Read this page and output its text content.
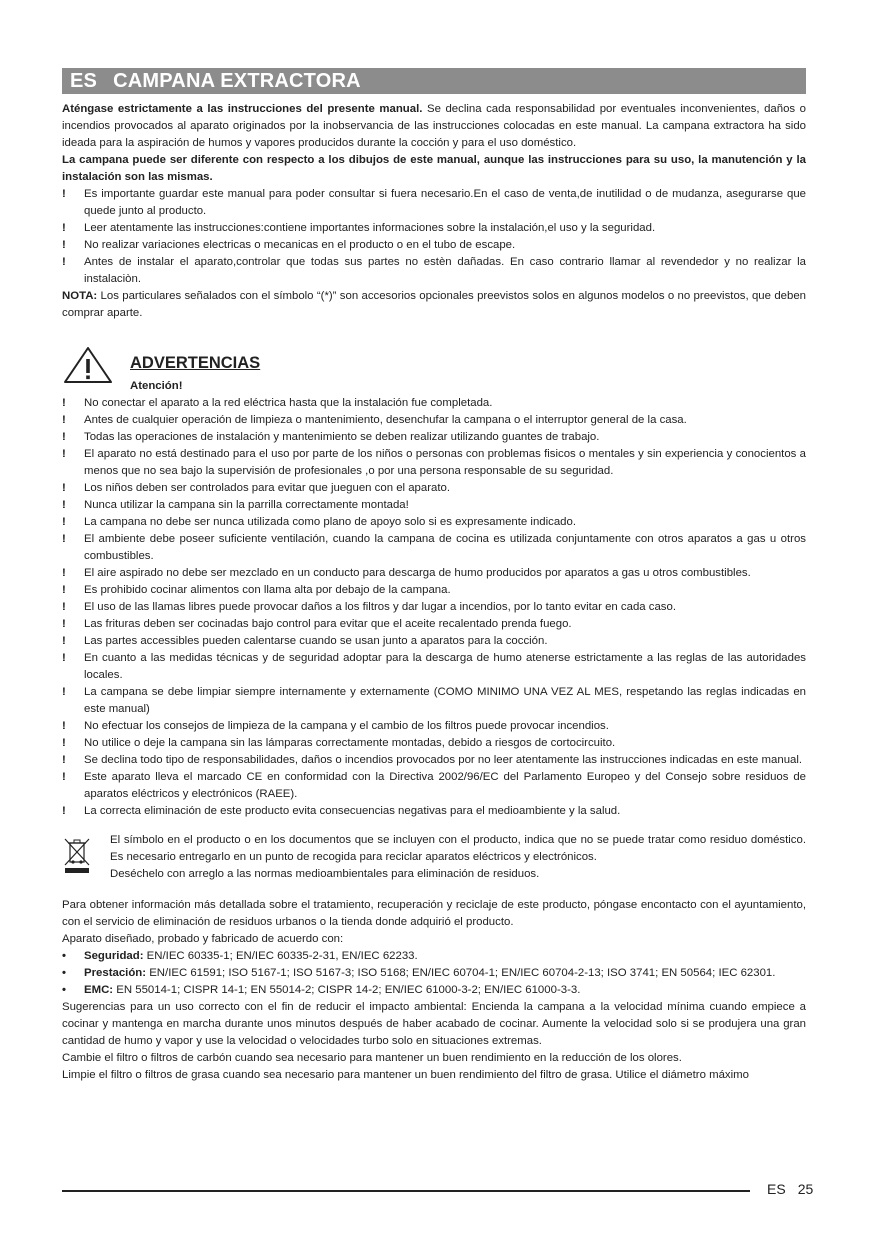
ES CAMPANA EXTRACTORA

Aténgase estrictamente a las instrucciones del presente manual. Se declina cada responsabilidad por eventuales inconvenientes, daños o incendios provocados al aparato originados por la inobservancia de las instrucciones colocadas en este manual. La campana extractora ha sido ideada para la aspiración de humos y vapores producidos durante la cocción y para el uso doméstico.

La campana puede ser diferente con respecto a los dibujos de este manual, aunque las instrucciones para su uso, la manutención y la instalación son las mismas.

!	Es importante guardar este manual para poder consultar si fuera necesario.En el caso de venta,de inutilidad o de mudanza, asegurarse que quede junto al producto.
!	Leer atentamente las instrucciones:contiene importantes informaciones sobre la instalación,el uso y la seguridad.
!	No realizar variaciones electricas o mecanicas en el producto o en el tubo de escape.
!	Antes de instalar el aparato,controlar que todas sus partes no estèn dañadas. En caso contrario llamar al revendedor y no realizar la instalaciòn.

NOTA: Los particulares señalados con el símbolo “(*)” son accesorios opcionales preevistos solos en algunos modelos o no preevistos, que deben comprar aparte.

ADVERTENCIAS
Atención!
!	No conectar el aparato a la red eléctrica hasta que la instalación fue completada.
!	Antes de cualquier operación de limpieza o mantenimiento, desenchufar la campana o el interruptor general de la casa.
!	Todas las operaciones de instalación y mantenimiento se deben realizar utilizando guantes de trabajo.
!	El aparato no está destinado para el uso por parte de los niños o personas con problemas fisicos o mentales y sin experiencia y conocientos a menos que no sea bajo la supervisión de profesionales ,o por una persona responsable de su seguridad.
!	Los niños deben ser controlados para evitar que jueguen con el aparato.
!	Nunca utilizar la campana sin la parrilla correctamente montada!
!	La campana no debe ser nunca utilizada como plano de apoyo solo si es expresamente indicado.
!	El ambiente debe poseer suficiente ventilación, cuando la campana de cocina es utilizada conjuntamente con otros aparatos a gas u otros combustibles.
!	El aire aspirado no debe ser mezclado en un conducto para descarga de humo producidos por aparatos a gas u otros combustibles.
!	Es prohibido cocinar alimentos con llama alta por debajo de la campana.
!	El uso de las llamas libres puede provocar daños a los filtros y dar lugar a incendios, por lo tanto evitar en cada caso.
!	Las frituras deben ser cocinadas bajo control para evitar que el aceite recalentado prenda fuego.
!	Las partes accessibles pueden calentarse cuando se usan junto a aparatos para la cocción.
!	En cuanto a las medidas técnicas y de seguridad adoptar para la descarga de humo atenerse estrictamente a las reglas de las autoridades locales.
!	La campana se debe limpiar siempre internamente y externamente (COMO MINIMO UNA VEZ AL MES, respetando las reglas indicadas en este manual)
!	No efectuar los consejos de limpieza de la campana y el cambio de los filtros puede provocar incendios.
!	No utilice o deje la campana sin las lámparas correctamente montadas, debido a riesgos de cortocircuito.
!	Se declina todo tipo de responsabilidades, daños o incendios provocados por no leer atentamente las instrucciones indicadas en este manual.
!	Este aparato lleva el marcado CE en conformidad con la Directiva 2002/96/EC del Parlamento Europeo y del Consejo sobre residuos de aparatos eléctricos y electrónicos (RAEE).
!	La correcta eliminación de este producto evita consecuencias negativas para el medioambiente y la salud.

El símbolo en el producto o en los documentos que se incluyen con el producto, indica que no se puede tratar como residuo doméstico. Es necesario entregarlo en un punto de recogida para reciclar aparatos eléctricos y electrónicos.

Deséchelo con arreglo a las normas medioambientales para eliminación de residuos.

Para obtener información más detallada sobre el tratamiento, recuperación y reciclaje de este producto, póngase encontacto con el ayuntamiento, con el servicio de eliminación de residuos urbanos o la tienda donde adquirió el producto.

Aparato diseñado, probado y fabricado de acuerdo con:

•	Seguridad: EN/IEC 60335-1; EN/IEC 60335-2-31, EN/IEC 62233.
•	Prestación: EN/IEC 61591; ISO 5167-1; ISO 5167-3; ISO 5168; EN/IEC 60704-1; EN/IEC 60704-2-13; ISO 3741; EN 50564; IEC 62301.
•	EMC: EN 55014-1; CISPR 14-1; EN 55014-2; CISPR 14-2; EN/IEC 61000-3-2; EN/IEC 61000-3-3.

Sugerencias para un uso correcto con el fin de reducir el impacto ambiental: Encienda la campana a la velocidad mínima cuando empiece a cocinar y mantenga en marcha durante unos minutos después de haber acabado de cocinar. Aumente la velocidad solo si se produjera una gran cantidad de humo y vapor y use la velocidad o velocidades turbo solo en situaciones extremas.

Cambie el filtro o filtros de carbón cuando sea necesario para mantener un buen rendimiento en la reducción de los olores.

Limpie el filtro o filtros de grasa cuando sea necesario para mantener un buen rendimiento del filtro de grasa. Utilice el diámetro máximo

ES 25
